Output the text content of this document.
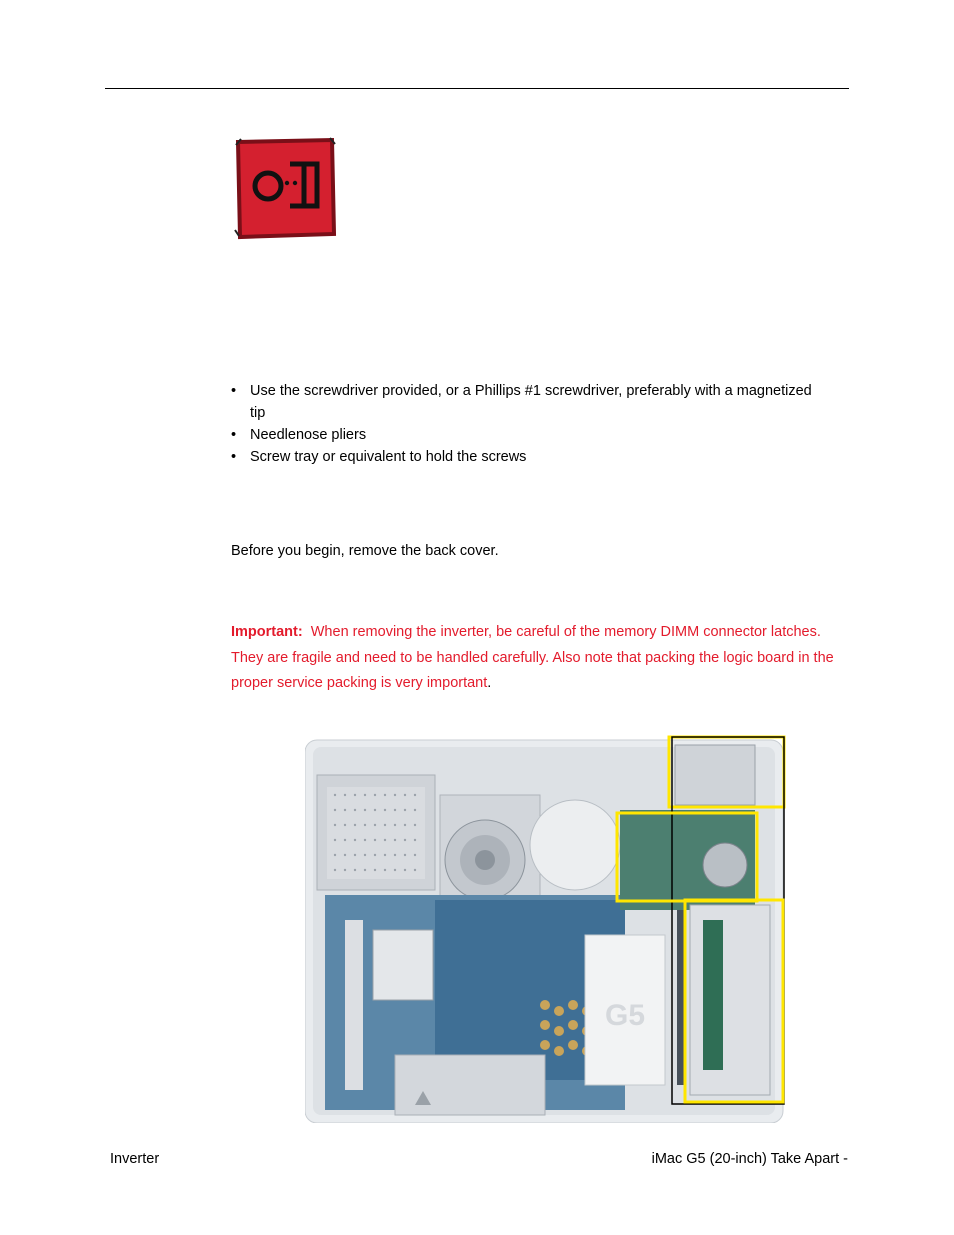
• Use the screwdriver provided, or a Phillips #1 screwdriver, preferably with a magnetized tip
• Needlenose pliers
• Screw tray or equivalent to hold the screws

Before you begin, remove the back cover.

Important: When removing the inverter, be careful of the memory DIMM connector latches. They are fragile and need to be handled carefully. Also note that packing the logic board in the proper service packing is very important.

G5
Inverter	iMac G5 (20-inch) Take Apart -
